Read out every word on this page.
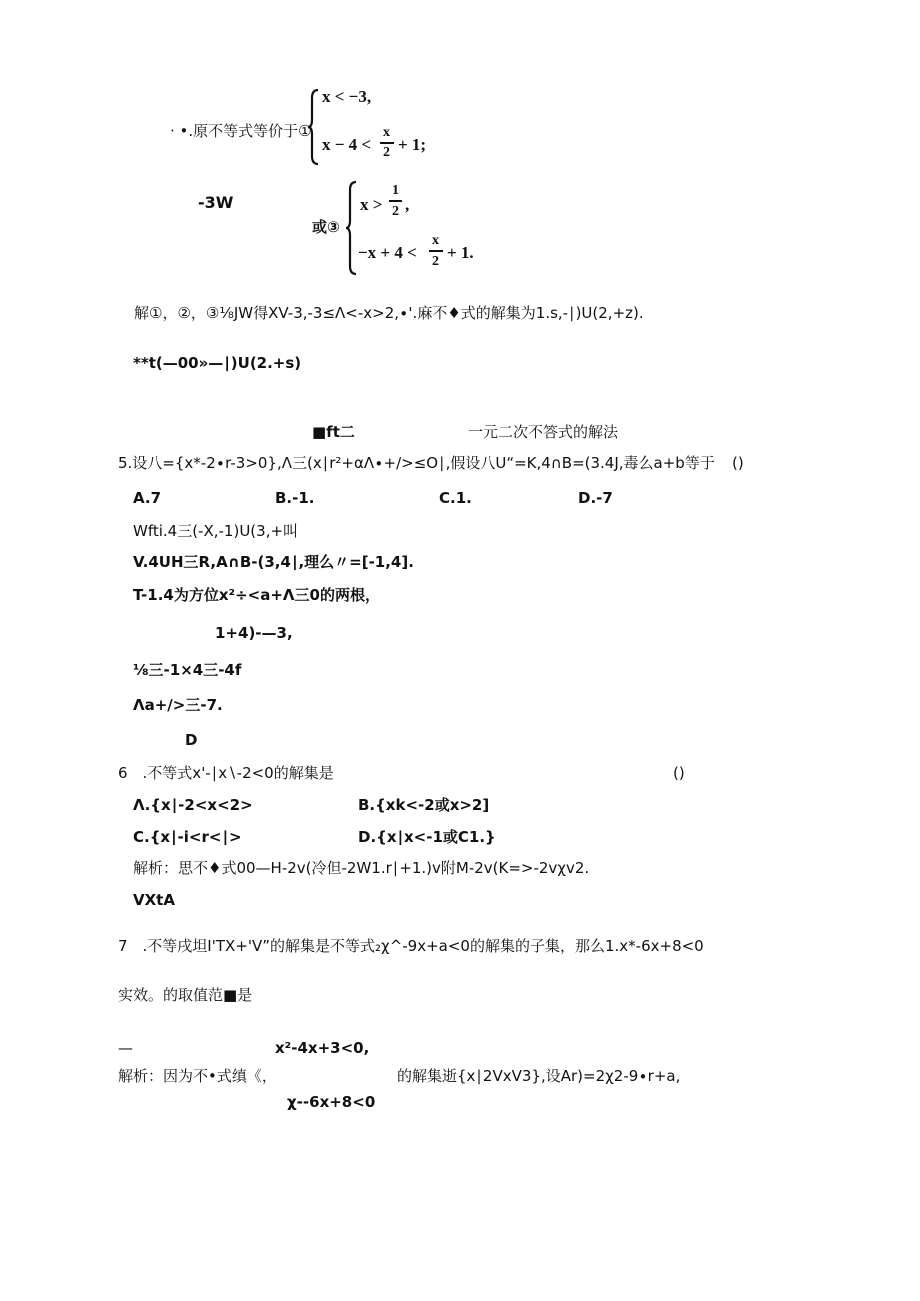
· •.原不等式等价于①
x < −3,
x − 4 <
x
2 + 1;
-3W
或③
x >
1
2 ,
−x + 4 <
x
2 + 1.
解①，②，③⅛JW得XV-3,-3≤Λ<-x>2,∙'.麻不♦式的解集为1.s,-∣)U(2,+z).
**t(—00»—∣)U(2.+s)
■ft二	一元二次不答式的解法
5.设八={x*-2∙r-3>0},Λ三(x∣r²+αΛ∙+∕>≤O∣,假设八U“=K,4∩B=(3.4J,毒么a+b等于 ()
A.7	B.-1.	C.1.	D.-7
Wfti.4三(-X,-1)U(3,+叫
V.4UH三R,A∩B-(3,4∣,理么〃=[-1,4].
T-1.4为方位x²÷<a+Λ三0的两根，
1+4)-—3,
⅛三-1×4三-4f
Λa+∕>三-7.
D
6　.不等式x'-∣x∖-2<0的解集是	()
Λ.{x∣-2<x<2>	B.{xk<-2或x>2]
C.{x∣-i<r<∣>	D.{x∣x<-1或C1.}
解析：思不♦式00—H-2v(冷但-2W1.r∣+1.)v附M-2v(K=>-2vχv2.
VXtA
7　.不等戌坦I'TX+'V”的解集是不等式₂χ^-9x+a<0的解集的子集，那么1.x*-6x+8<0
实效。的取值范■是
—	x²-4x+3<0,
解析：因为不•式缜《，	的解集逝{x∣2VxV3},设Ar)=2χ2-9∙r+a,
χ--6x+8<0
